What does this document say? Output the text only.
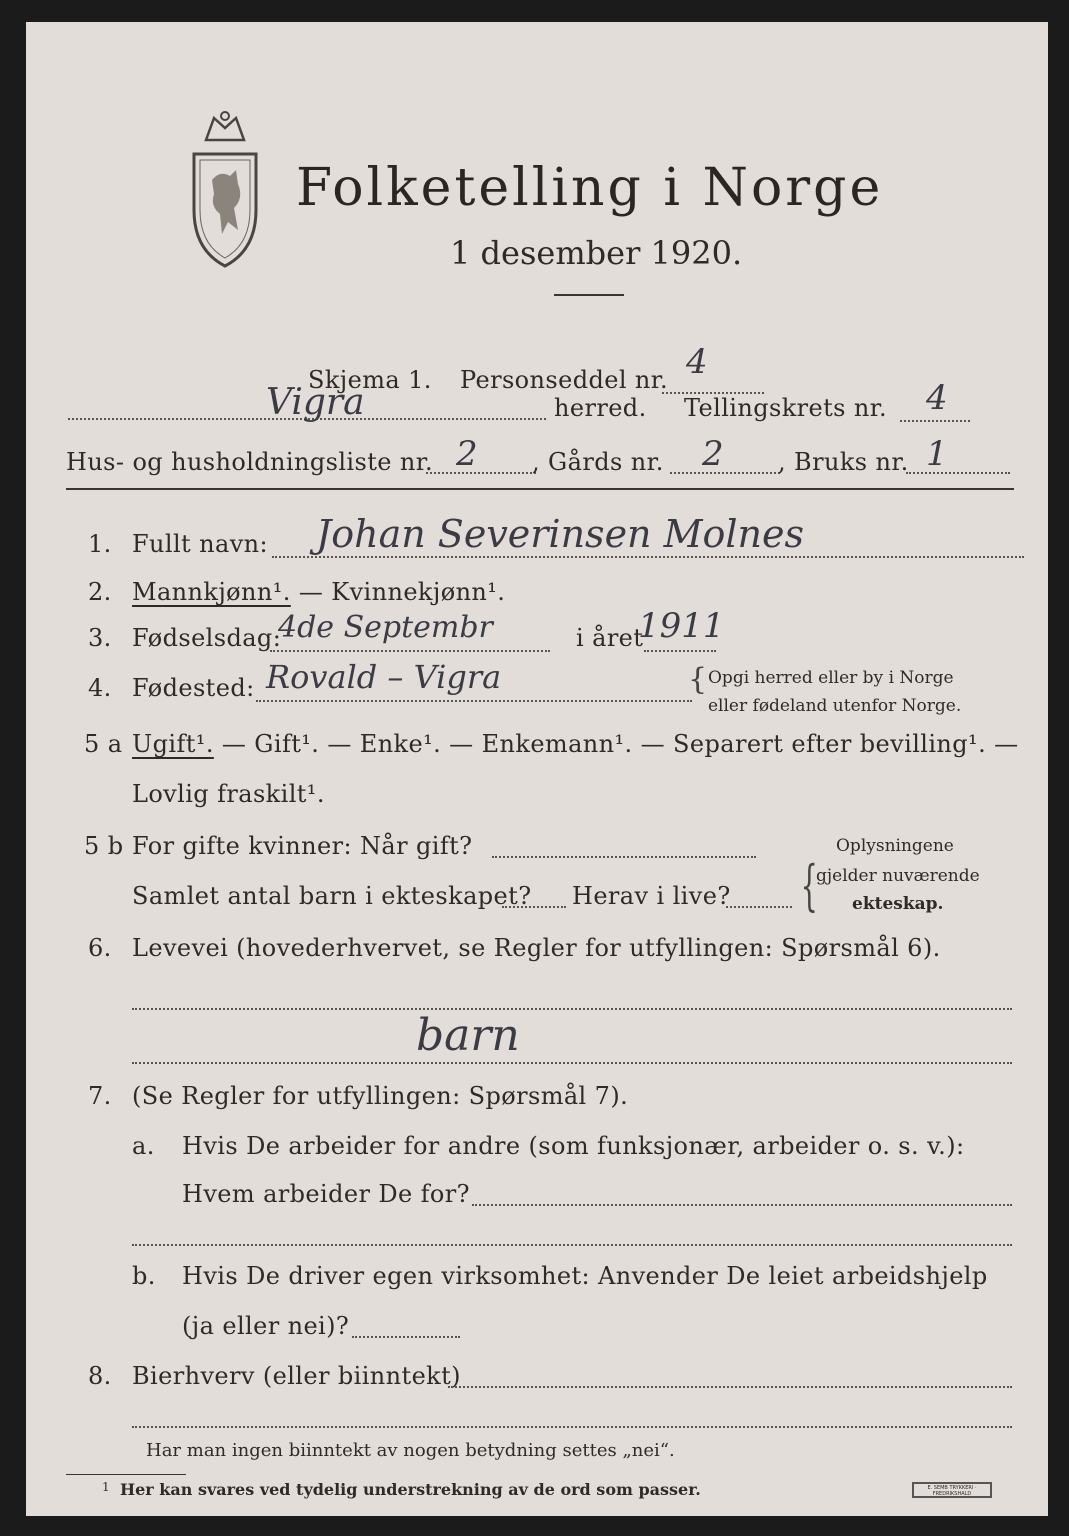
Folketelling i Norge
1 desember 1920.
Skjema 1. Personseddel nr. 4
Vigra	herred. Tellingskrets nr. 4
Hus- og husholdningsliste nr. 2 , Gårds nr. 2 , Bruks nr. 1
1. Fullt navn: Johan Severinsen Molnes
2. Mannkjønn¹. — Kvinnekjønn¹.
3. Fødselsdag:
4de Septembr	i året
1911
4. Fødested: Rovald – Vigra	{ Opgi herred eller by i Norge
eller fødeland utenfor Norge.
5 a Ugift¹. — Gift¹. — Enke¹. — Enkemann¹. — Separert efter bevilling¹. —
Lovlig fraskilt¹.
5 b For gifte kvinner: Når gift?
Samlet antal barn i ekteskapet? Herav i live? {
Oplysningene
gjelder nuværende
ekteskap.
6. Levevei (hovederhvervet, se Regler for utfyllingen: Spørsmål 6).
barn
7. (Se Regler for utfyllingen: Spørsmål 7).
a. Hvis De arbeider for andre (som funksjonær, arbeider o. s. v.):
Hvem arbeider De for?
b. Hvis De driver egen virksomhet: Anvender De leiet arbeidshjelp
(ja eller nei)?
8. Bierhverv (eller biinntekt)
Har man ingen biinntekt av nogen betydning settes „nei“.
1 Her kan svares ved tydelig understrekning av de ord som passer.	E. SEMB TRYKKERI · FREDRIKSHALD
